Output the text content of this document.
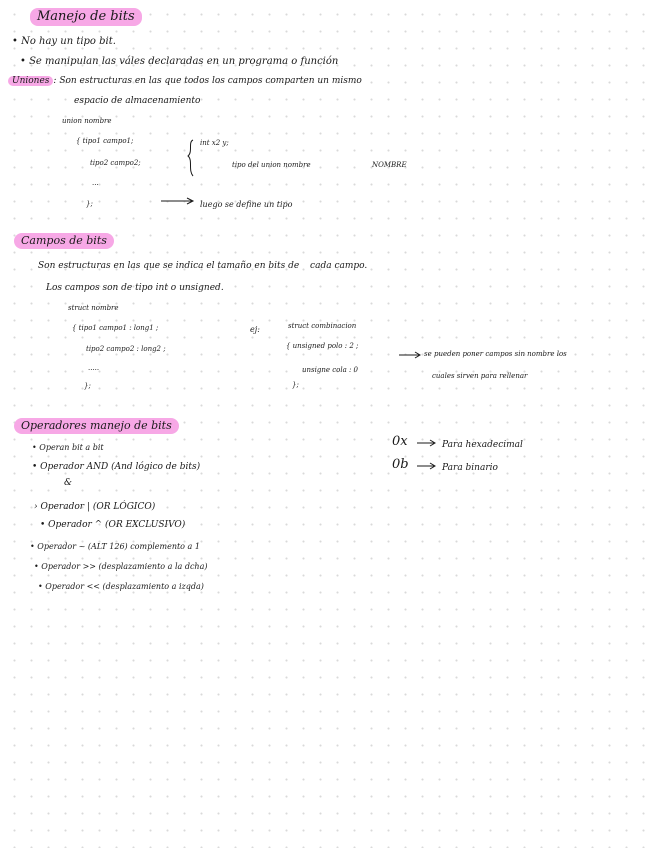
Manejo de bits
• No hay un tipo bit.
• Se manipulan las váles declaradas en un programa o función
Uniones : Son estructuras en las que todos los campos comparten un mismo
espacio de almacenamiento
union nombre
{ tipo1 campo1;
tipo2 campo2;
...
};
int x2 y;
tipo del union nombre	NOMBRE
luego se define un tipo
Campos de bits
Son estructuras en las que se indica el tamaño en bits de cada campo.
Los campos son de tipo int o unsigned.
struct nombre
{ tipo1 campo1 : long1 ;
tipo2 campo2 : long2 ;
.....
};
ej:	struct combinacion
{ unsigned polo : 2 ;
unsigne cola : 0
};
se pueden poner campos sin nombre los
cuales sirven para rellenar
Operadores manejo de bits
• Operan bit a bit
• Operador AND (And lógico de bits)
&
› Operador | (OR LÓGICO)
• Operador ^ (OR EXCLUSIVO)
• Operador ~ (ALT 126) complemento a 1
• Operador >> (desplazamiento a la dcha)
• Operador << (desplazamiento a izqda)
0x	Para hexadecimal
0b	Para binario
